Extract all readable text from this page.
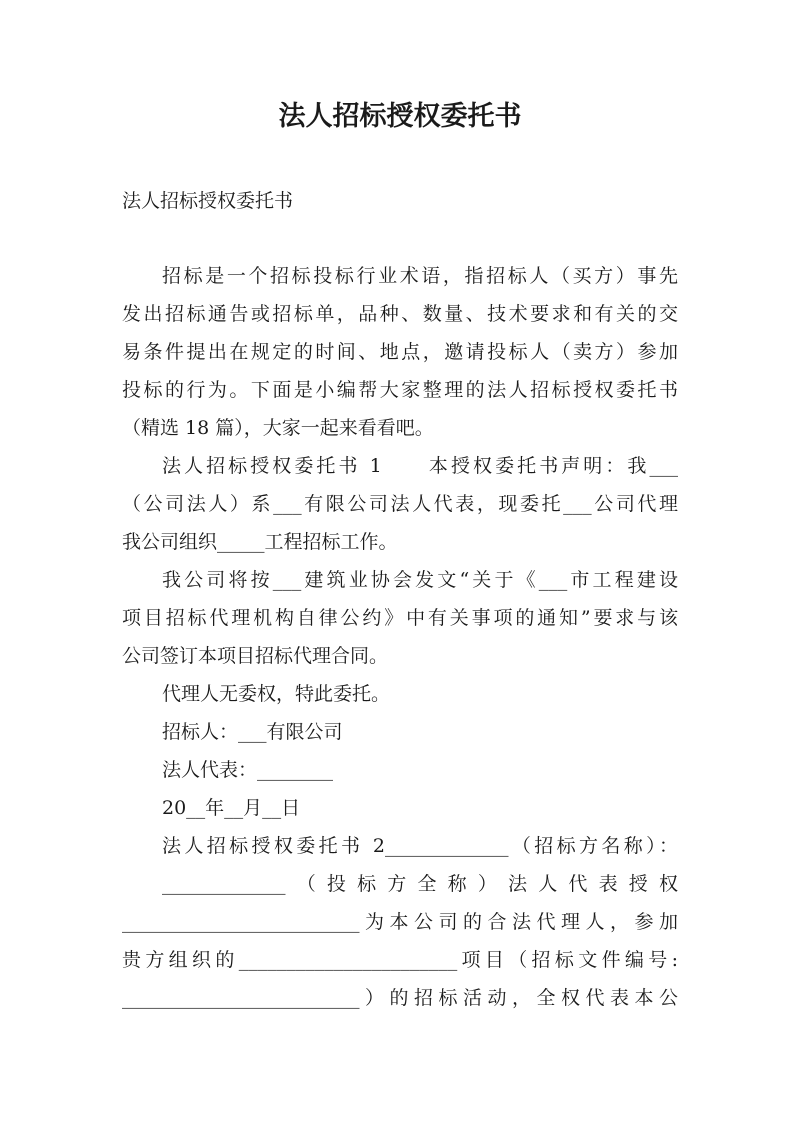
法人招标授权委托书
法人招标授权委托书
招标是一个招标投标行业术语，指招标人（买方）事先
发出招标通告或招标单，品种、数量、技术要求和有关的交
易条件提出在规定的时间、地点，邀请投标人（卖方）参加
投标的行为。下面是小编帮大家整理的法人招标授权委托书
（精选 18 篇），大家一起来看看吧。
法人招标授权委托书 1　　本授权委托书声明：我___
（公司法人）系___有限公司法人代表，现委托___公司代理
我公司组织_____工程招标工作。
我公司将按___建筑业协会发文“关于《___市工程建设
项目招标代理机构自律公约》中有关事项的通知”要求与该
公司签订本项目招标代理合同。
代理人无委权，特此委托。
招标人：___有限公司
法人代表：________
20__年__月__日
法人招标授权委托书 2_____________（招标方名称）：
_____________（投标方全称）法人代表授权
_________________________为本公司的合法代理人，参加
贵方组织的_______________________项目（招标文件编号:
_________________________）的招标活动，全权代表本公
